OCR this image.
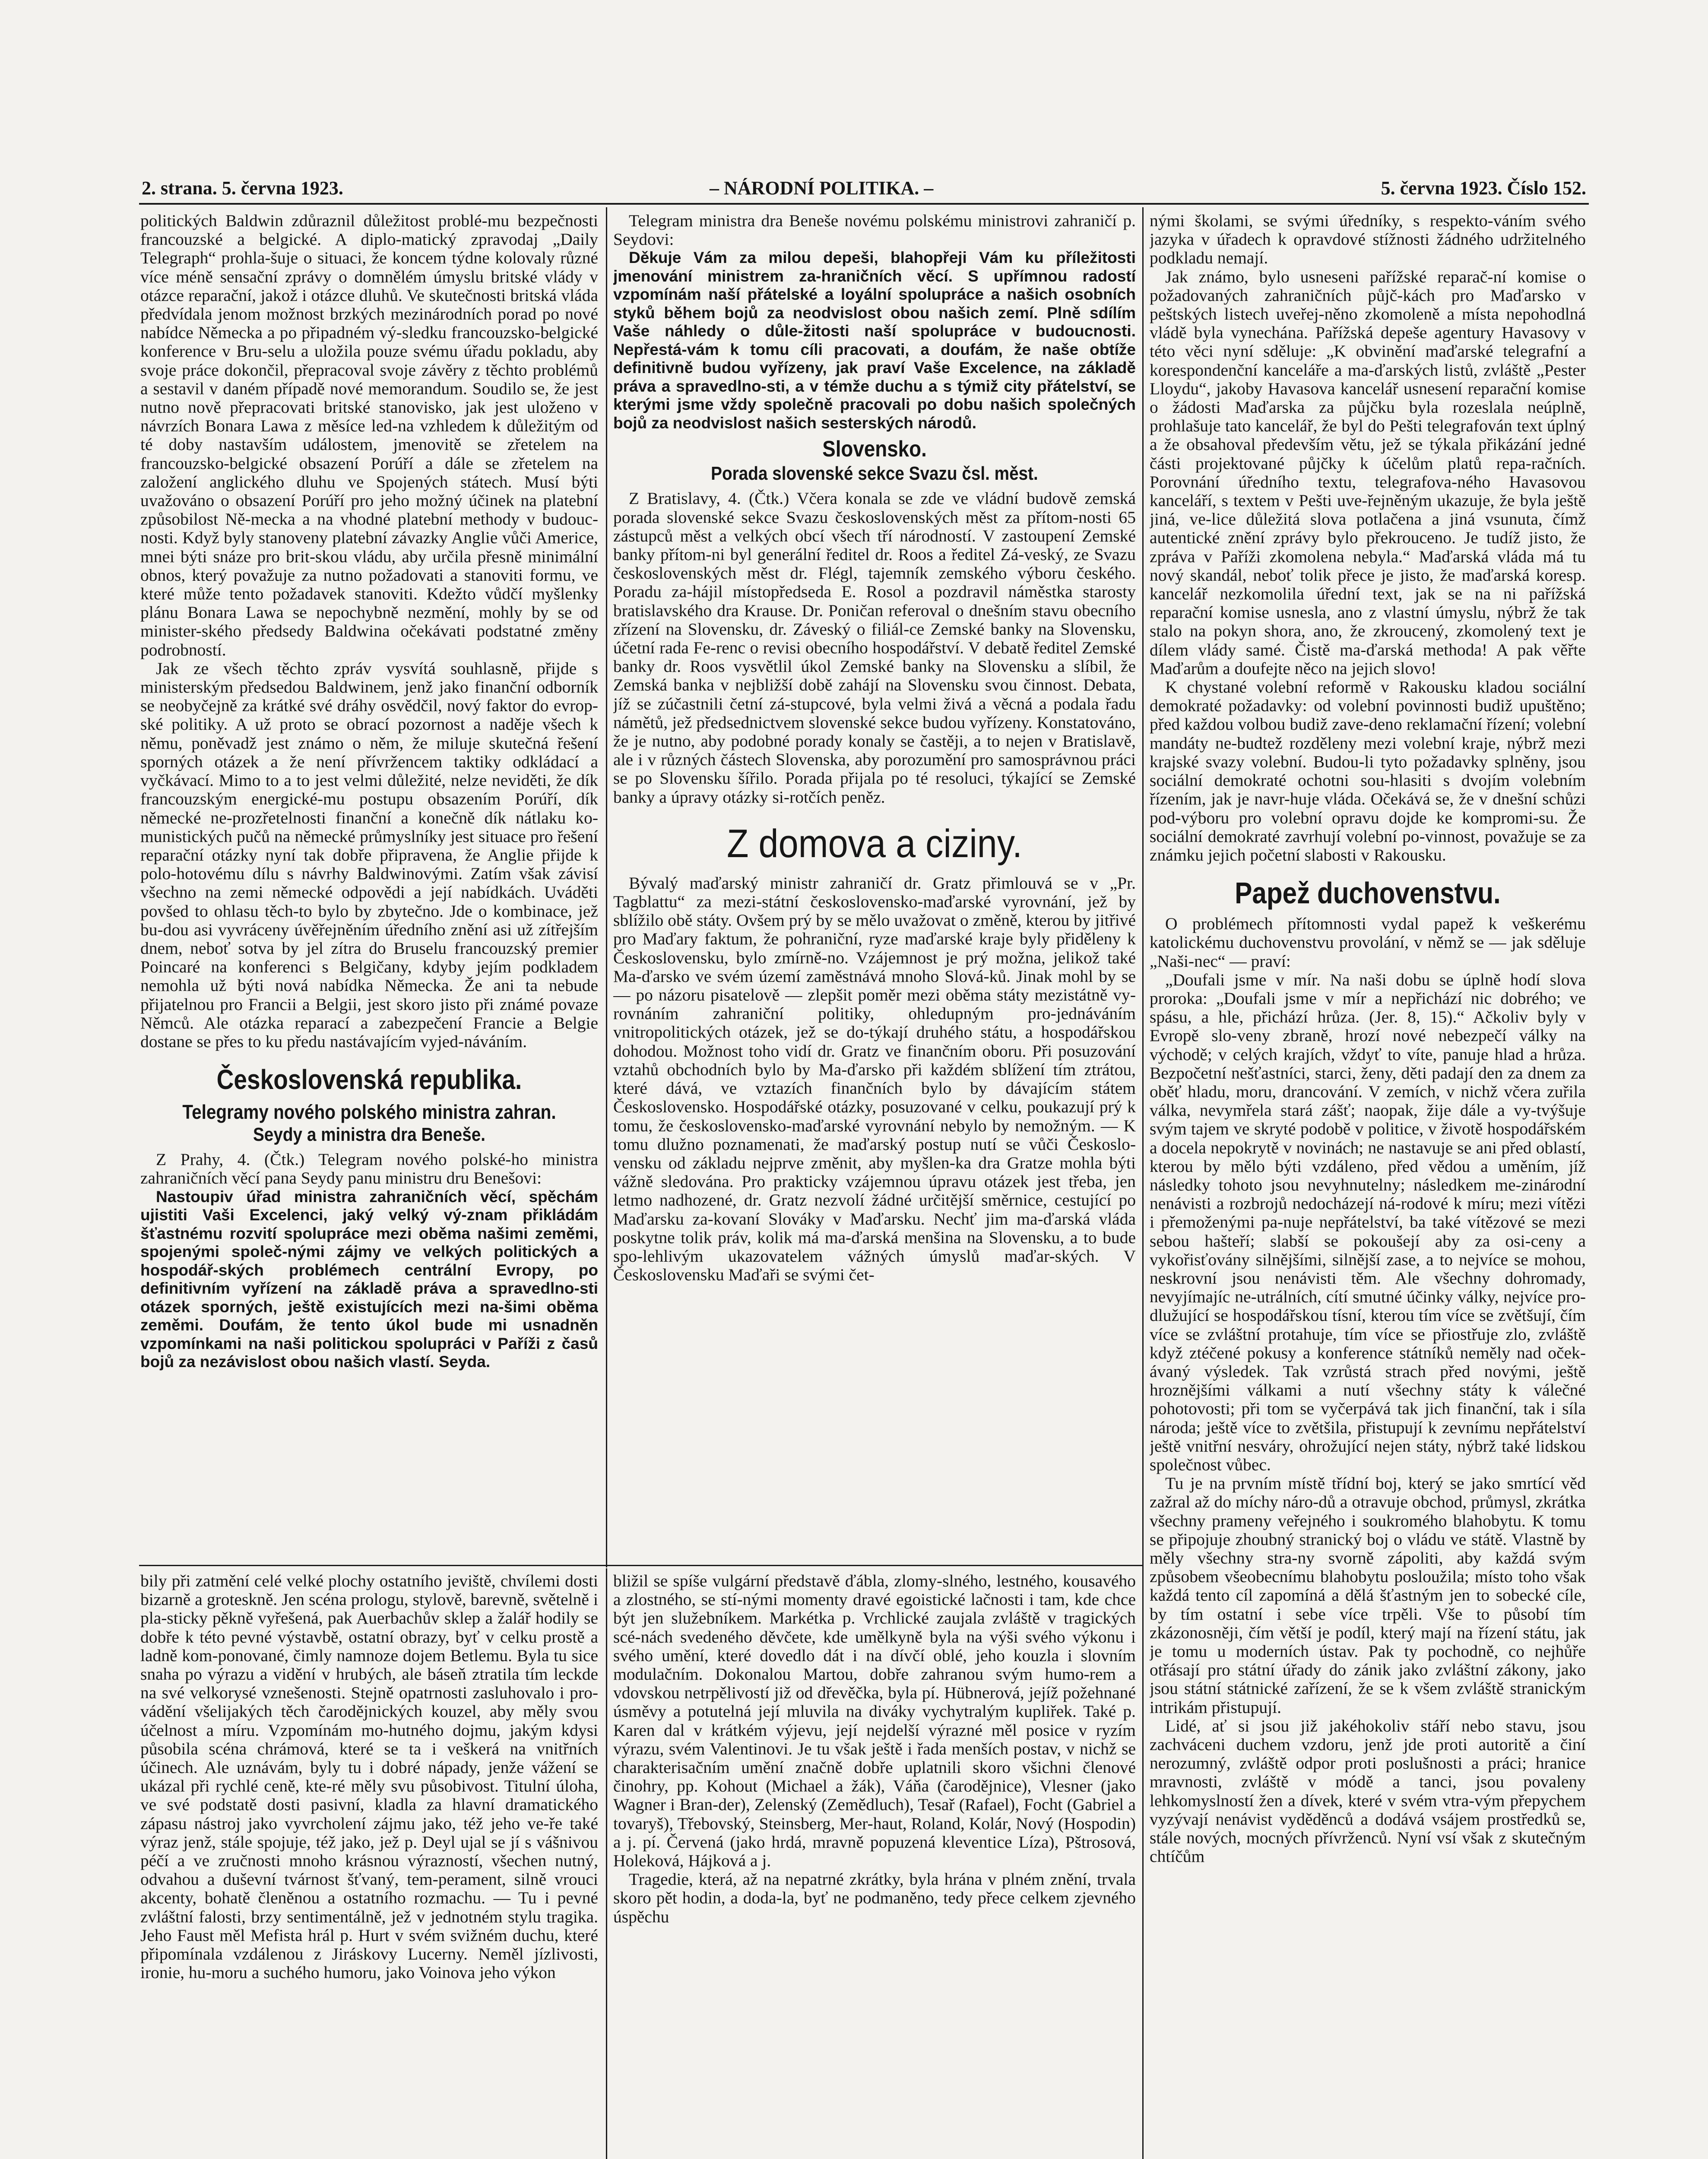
2. strana. 5. června 1923.	– NÁRODNÍ POLITIKA. –	5. června 1923. Číslo 152.

politických Baldwin zdůraznil důležitost problé-mu bezpečnosti francouzské a belgické. A diplo-matický zpravodaj „Daily Telegraph“ prohla-šuje o situaci, že koncem týdne kolovaly různé více méně sensační zprávy o domnělém úmyslu britské vlády v otázce reparační, jakož i otázce dluhů. Ve skutečnosti britská vláda předvídala jenom možnost brzkých mezinárodních porad po nové nabídce Německa a po připadném vý-sledku francouzsko-belgické konference v Bru-selu a uložila pouze svému úřadu pokladu, aby svoje práce dokončil, přepracoval svoje závěry z těchto problémů a sestavil v daném případě nové memorandum. Soudilo se, že jest nutno nově přepracovati britské stanovisko, jak jest uloženo v návrzích Bonara Lawa z měsíce led-na vzhledem k důležitým od té doby nastavším událostem, jmenovitě se zřetelem na francouzsko-belgické obsazení Porúří a dále se zřetelem na založení anglického dluhu ve Spojených státech. Musí býti uvažováno o obsazení Porúří pro jeho možný účinek na platební způsobilost Ně-mecka a na vhodné platební methody v budouc-nosti. Když byly stanoveny platební závazky Anglie vůči Americe, mnei býti snáze pro brit-skou vládu, aby určila přesně minimální obnos, který považuje za nutno požadovati a stanoviti formu, ve které může tento požadavek stanoviti. Kdežto vůdčí myšlenky plánu Bonara Lawa se nepochybně nezmění, mohly by se od minister-ského předsedy Baldwina očekávati podstatné změny podrobností.

Jak ze všech těchto zpráv vysvítá souhlasně, přijde s ministerským předsedou Baldwinem, jenž jako finanční odborník se neobyčejně za krátké své dráhy osvědčil, nový faktor do evrop-ské politiky. A už proto se obrací pozornost a naděje všech k němu, poněvadž jest známo o něm, že miluje skutečná řešení sporných otázek a že není přívržencem taktiky odkládací a vyčkávací. Mimo to a to jest velmi důležité, nelze neviděti, že dík francouzským energické-mu postupu obsazením Porúří, dík německé ne-prozřetelnosti finanční a konečně dík nátlaku ko-munistických pučů na německé průmyslníky jest situace pro řešení reparační otázky nyní tak dobře připravena, že Anglie přijde k polo-hotovému dílu s návrhy Baldwinovými. Zatím však závisí všechno na zemi německé odpovědi a její nabídkách. Uváděti povšed to ohlasu těch-to bylo by zbytečno. Jde o kombinace, jež bu-dou asi vyvráceny úvěřejněním úředního znění asi už zítřejším dnem, neboť sotva by jel zítra do Bruselu francouzský premier Poincaré na konferenci s Belgičany, kdyby jejím podkladem nemohla už býti nová nabídka Německa. Že ani ta nebude přijatelnou pro Francii a Belgii, jest skoro jisto při známé povaze Němců. Ale otázka reparací a zabezpečení Francie a Belgie dostane se přes to ku předu nastávajícím vyjed-náváním.

Československá republika.
Telegramy nového polského ministra zahran.
Seydy a ministra dra Beneše.

Z Prahy, 4. (Čtk.) Telegram nového polské-ho ministra zahraničních věcí pana Seydy panu ministru dru Benešovi:

Nastoupiv úřad ministra zahraničních věcí, spěchám ujistiti Vaši Excelenci, jaký velký vý-znam přikládám šťastnému rozvití spolupráce mezi oběma našimi zeměmi, spojenými společ-nými zájmy ve velkých politických a hospodář-ských problémech centrální Evropy, po definitivním vyřízení na základě práva a spravedlno-sti otázek sporných, ještě existujících mezi na-šimi oběma zeměmi. Doufám, že tento úkol bude mi usnadněn vzpomínkami na naši politickou spolupráci v Paříži z časů bojů za nezávislost obou našich vlastí. Seyda.

Telegram ministra dra Beneše novému polskému ministrovi zahraničí p. Seydovi:

Děkuje Vám za milou depeši, blahopřeji Vám ku příležitosti jmenování ministrem za-hraničních věcí. S upřímnou radostí vzpomínám naší přátelské a loyální spolupráce a našich osobních styků během bojů za neodvislost obou našich zemí. Plně sdílím Vaše náhledy o důle-žitosti naší spolupráce v budoucnosti. Nepřestá-vám k tomu cíli pracovati, a doufám, že naše obtíže definitivně budou vyřízeny, jak praví Vaše Excelence, na základě práva a spravedlno-sti, a v témže duchu a s týmiž city přátelství, se kterými jsme vždy společně pracovali po dobu našich společných bojů za neodvislost našich sesterských národů.

Slovensko.
Porada slovenské sekce Svazu čsl. měst.

Z Bratislavy, 4. (Čtk.) Včera konala se zde ve vládní budově zemská porada slovenské sekce Svazu československých měst za přítom-nosti 65 zástupců měst a velkých obcí všech tří národností. V zastoupení Zemské banky přítom-ni byl generální ředitel dr. Roos a ředitel Zá-veský, ze Svazu československých měst dr. Flégl, tajemník zemského výboru českého. Poradu za-hájil místopředseda E. Rosol a pozdravil náměstka starosty bratislavského dra Krause. Dr. Poničan referoval o dnešním stavu obecního zřízení na Slovensku, dr. Záveský o filiál-ce Zemské banky na Slovensku, účetní rada Fe-renc o revisi obecního hospodářství. V debatě ředitel Zemské banky dr. Roos vysvětlil úkol Zemské banky na Slovensku a slíbil, že Zemská banka v nejbližší době zahájí na Slovensku svou činnost. Debata, jíž se zúčastnili četní zá-stupcové, byla velmi živá a věcná a podala řadu námětů, jež předsednictvem slovenské sekce budou vyřízeny. Konstatováno, že je nutno, aby podobné porady konaly se častěji, a to nejen v Bratislavě, ale i v různých částech Slovenska, aby porozumění pro samosprávnou práci se po Slovensku šířilo. Porada přijala po té resoluci, týkající se Zemské banky a úpravy otázky si-rotčích peněz.

Z domova a ciziny.

Bývalý maďarský ministr zahraničí dr. Gratz přimlouvá se v „Pr. Tagblattu“ za mezi-státní československo-maďarské vyrovnání, jež by sblížilo obě státy. Ovšem prý by se mělo uvažovat o změně, kterou by jitřivé pro Maďary faktum, že pohraniční, ryze maďarské kraje byly přiděleny k Československu, bylo zmírně-no. Vzájemnost je prý možna, jelikož také Ma-ďarsko ve svém území zaměstnává mnoho Slová-ků. Jinak mohl by se — po názoru pisatelově — zlepšit poměr mezi oběma státy mezistátně vy-rovnáním zahraniční politiky, ohledupným pro-jednáváním vnitropolitických otázek, jež se do-týkají druhého státu, a hospodářskou dohodou. Možnost toho vidí dr. Gratz ve finančním oboru. Při posuzování vztahů obchodních bylo by Ma-ďarsko při každém sblížení tím ztrátou, které dává, ve vztazích finančních bylo by dávajícím státem Československo. Hospodářské otázky, posuzované v celku, poukazují prý k tomu, že československo-maďarské vyrovnání nebylo by nemožným. — K tomu dlužno poznamenati, že maďarský postup nutí se vůči Českoslo-vensku od základu nejprve změnit, aby myšlen-ka dra Gratze mohla býti vážně sledována. Pro prakticky vzájemnou úpravu otázek jest třeba, jen letmo nadhozené, dr. Gratz nezvolí žádné určitější směrnice, cestující po Maďarsku za-kovaní Slováky v Maďarsku. Nechť jim ma-ďarská vláda poskytne tolik práv, kolik má ma-ďarská menšina na Slovensku, a to bude spo-lehlivým ukazovatelem vážných úmyslů maďar-ských. V Československu Maďaři se svými čet-

nými školami, se svými úředníky, s respekto-váním svého jazyka v úřadech k opravdové stížnosti žádného udržitelného podkladu nemají.

Jak známo, bylo usneseni pařížské reparač-ní komise o požadovaných zahraničních půjč-kách pro Maďarsko v peštských listech uveřej-něno zkomoleně a místa nepohodlná vládě byla vynechána. Pařížská depeše agentury Havasovy v této věci nyní sděluje: „K obvinění maďarské telegrafní a korespondenční kanceláře a ma-ďarských listů, zvláště „Pester Lloydu“, jakoby Havasova kancelář usnesení reparační komise o žádosti Maďarska za půjčku byla rozeslala neúplně, prohlašuje tato kancelář, že byl do Pešti telegrafován text úplný a že obsahoval především větu, jež se týkala přikázání jedné části projektované půjčky k účelům platů repa-račních. Porovnání úředního textu, telegrafova-ného Havasovou kanceláří, s textem v Pešti uve-řejněným ukazuje, že byla ještě jiná, ve-lice důležitá slova potlačena a jiná vsunuta, čímž autentické znění zprávy bylo překrouceno. Je tudíž jisto, že zpráva v Paříži zkomolena nebyla.“ Maďarská vláda má tu nový skandál, neboť tolik přece je jisto, že maďarská koresp. kancelář nezkomolila úřední text, jak se na ni pařížská reparační komise usnesla, ano z vlastní úmyslu, nýbrž že tak stalo na pokyn shora, ano, že zkroucený, zkomolený text je dílem vlády samé. Čistě ma-ďarská methoda! A pak věřte Maďarům a doufejte něco na jejich slovo!

K chystané volební reformě v Rakousku kladou sociální demokraté požadavky: od volební povinnosti budiž upuštěno; před každou volbou budiž zave-deno reklamační řízení; volební mandáty ne-budtež rozděleny mezi volební kraje, nýbrž mezi krajské svazy volební. Budou-li tyto požadavky splněny, jsou sociální demokraté ochotni sou-hlasiti s dvojím volebním řízením, jak je navr-huje vláda. Očekává se, že v dnešní schůzi pod-výboru pro volební opravu dojde ke kompromi-su. Že sociální demokraté zavrhují volební po-vinnost, považuje se za známku jejich početní slabosti v Rakousku.

Papež duchovenstvu.

O problémech přítomnosti vydal papež k veškerému katolickému duchovenstvu provolání, v němž se — jak sděluje „Naši-nec“ — praví:

„Doufali jsme v mír. Na naši dobu se úplně hodí slova proroka: „Doufali jsme v mír a nepřichází nic dobrého; ve spásu, a hle, přichází hrůza. (Jer. 8, 15).“ Ačkoliv byly v Evropě slo-veny zbraně, hrozí nové nebezpečí války na východě; v celých krajích, vždyť to víte, panuje hlad a hrůza. Bezpočetní nešťastníci, starci, ženy, děti padají den za dnem za oběť hladu, moru, drancování. V zemích, v nichž včera zuřila válka, nevymřela stará zášť; naopak, žije dále a vy-tvýšuje svým tajem ve skryté podobě v politice, v životě hospodářském a docela nepokrytě v novinách; ne nastavuje se ani před oblastí, kterou by mělo býti vzdáleno, před vědou a uměním, jíž následky tohoto jsou nevyhnutelny; následkem me-zinárodní nenávisti a rozbrojů nedocházejí ná-rodové k míru; mezi vítězi i přemoženými pa-nuje nepřátelství, ba také vítězové se mezi sebou hašteří; slabší se pokoušejí aby za osi-ceny a vykořisťovány silnějšími, silnější zase, a to nejvíce se mohou, neskrovní jsou nenávisti těm. Ale všechny dohromady, nevyjímajíc ne-utrálních, cítí smutné účinky války, nejvíce pro-dlužující se hospodářskou tísní, kterou tím více se zvětšují, čím více se zvláštní protahuje, tím více se přiostřuje zlo, zvláště když ztéčené pokusy a konference státníků neměly nad oček-ávaný výsledek. Tak vzrůstá strach před novými, ještě hroznějšími válkami a nutí všechny státy k válečné pohotovosti; při tom se vyčerpává tak jich finanční, tak i síla národa; ještě více to zvětšila, přistupují k zevnímu nepřátelství ještě vnitřní nesváry, ohrožující nejen státy, nýbrž také lidskou společnost vůbec.

Tu je na prvním místě třídní boj, který se jako smrtící věd zažral až do míchy náro-dů a otravuje obchod, průmysl, zkrátka všechny prameny veřejného i soukromého blahobytu. K tomu se připojuje zhoubný stranický boj o vládu ve státě. Vlastně by měly všechny stra-ny svorně zápoliti, aby každá svým způsobem všeobecnímu blahobytu posloužila; místo toho však každá tento cíl zapomíná a dělá šťastným jen to sobecké cíle, by tím ostatní i sebe více trpěli. Vše to působí tím zkázonosněji, čím větší je podíl, který mají na řízení státu, jak je tomu u moderních ústav. Pak ty pochodně, co nejhůře otřásají pro státní úřady do zánik jako zvláštní zákony, jako jsou státní státnické zařízení, že se k všem zvláště stranickým intrikám přistupují.

Lidé, ať si jsou již jakéhokoliv stáří nebo stavu, jsou zachváceni duchem vzdoru, jenž jde proti autoritě a činí nerozumný, zvláště odpor proti poslušnosti a práci; hranice mravnosti, zvláště v módě a tanci, jsou povaleny lehkomyslností žen a dívek, které v svém vtra-vým přepychem vyzývají nenávist vyděděnců a dodává vsájem prostředků se, stále nových, mocných přívrženců. Nyní vsí však z skutečným chtíčům

bily při zatmění celé velké plochy ostatního jeviště, chvílemi dosti bizarně a groteskně. Jen scéna prologu, stylově, barevně, světelně i pla-sticky pěkně vyřešená, pak Auerbachův sklep a žalář hodily se dobře k této pevné výstavbě, ostatní obrazy, byť v celku prostě a ladně kom-ponované, čimly namnoze dojem Betlemu. Byla tu sice snaha po výrazu a vidění v hrubých, ale báseň ztratila tím leckde na své velkorysé vznešenosti. Stejně opatrnosti zasluhovalo i pro-vádění všelijakých těch čarodějnických kouzel, aby měly svou účelnost a míru. Vzpomínám mo-hutného dojmu, jakým kdysi působila scéna chrámová, které se ta i veškerá na vnitřních účinech. Ale uznávám, byly tu i dobré nápady, jenže vážení se ukázal při rychlé ceně, kte-ré měly svu působivost. Titulní úloha, ve své podstatě dosti pasivní, kladla za hlavní dramatického zápasu nástroj jako vyvrcholení zájmu jako, též jeho ve-ře také výraz jenž, stále spojuje, též jako, jež p. Deyl ujal se jí s vášnivou péčí a ve zručnosti mnoho krásnou výrazností, všechen nutný, odvahou a duševní tvárnost šťvaný, tem-perament, silně vrouci akcenty, bohatě členěnou a ostatního rozmachu. — Tu i pevné zvláštní falosti, brzy sentimentálně, jež v jednotném stylu tragika. Jeho Faust měl Mefista hrál p. Hurt v svém svižném duchu, které připomínala vzdálenou z Jiráskovy Lucerny. Neměl jízlivosti, ironie, hu-moru a suchého humoru, jako Voinova jeho výkon

bližil se spíše vulgární představě ďábla, zlomy-slného, lestného, kousavého a zlostného, se stí-nými momenty dravé egoistické lačnosti i tam, kde chce být jen služebníkem. Markétka p. Vrchlické zaujala zvláště v tragických scé-nách svedeného děvčete, kde umělkyně byla na výši svého výkonu i svého umění, které dovedlo dát i na dívčí oblé, jeho kouzla i slovním modulačním. Dokonalou Martou, dobře zahranou svým humo-rem a vdovskou netrpělivostí již od dřevěčka, byla pí. Hübnerová, jejíž požehnané úsměvy a potutelná její mluvila na diváky vychytralým kupliřek. Také p. Karen dal v krátkém výjevu, její nejdelší výrazné měl posice v ryzím výrazu, svém Valentinovi. Je tu však ještě i řada menších postav, v nichž se charakterisačním umění značně dobře uplatnili skoro všichni členové činohry, pp. Kohout (Michael a žák), Váňa (čarodějnice), Vlesner (jako Wagner i Bran-der), Zelenský (Zemědluch), Tesař (Rafael), Focht (Gabriel a tovaryš), Třebovský, Steinsberg, Mer-haut, Roland, Kolár, Nový (Hospodin) a j. pí. Červená (jako hrdá, mravně popuzená kleventice Líza), Pštrosová, Holeková, Hájková a j.

Tragedie, která, až na nepatrné zkrátky, byla hrána v plném znění, trvala skoro pět hodin, a doda-la, byť ne podmaněno, tedy přece celkem zjevného úspěchu
